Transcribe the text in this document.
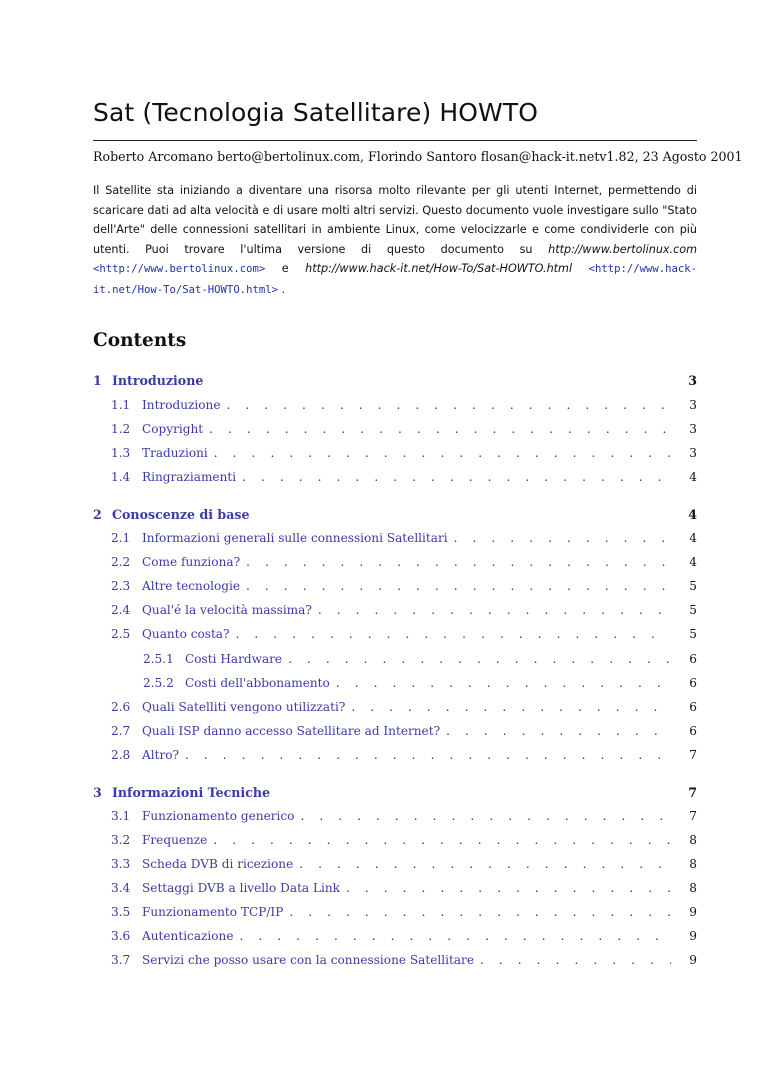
Sat (Tecnologia Satellitare) HOWTO
Roberto Arcomano berto@bertolinux.com, Florindo Santoro flosan@hack-it.net v1.82, 23 Agosto 2001
Il Satellite sta iniziando a diventare una risorsa molto rilevante per gli utenti Internet, permettendo di scaricare dati ad alta velocità e di usare molti altri servizi. Questo documento vuole investigare sullo "Stato dell'Arte" delle connessioni satellitari in ambiente Linux, come velocizzarle e come condividerle con più utenti. Puoi trovare l'ultima versione di questo documento su http://www.bertolinux.com <http://www.bertolinux.com> e http://www.hack-it.net/How-To/Sat-HOWTO.html <http://www.hack-it.net/How-To/Sat-HOWTO.html> .
Contents
1 Introduzione	3
1.1 Introduzione . . .	3
1.2 Copyright . . .	3
1.3 Traduzioni . . .	3
1.4 Ringraziamenti . . .	4
2 Conoscenze di base	4
2.1 Informazioni generali sulle connessioni Satellitari . . .	4
2.2 Come funziona? . . .	4
2.3 Altre tecnologie . . .	5
2.4 Qual'é la velocità massima? . . .	5
2.5 Quanto costa? . . .	5
2.5.1 Costi Hardware . . .	6
2.5.2 Costi dell'abbonamento . . .	6
2.6 Quali Satelliti vengono utilizzati? . . .	6
2.7 Quali ISP danno accesso Satellitare ad Internet? . . .	6
2.8 Altro? . . .	7
3 Informazioni Tecniche	7
3.1 Funzionamento generico . . .	7
3.2 Frequenze . . .	8
3.3 Scheda DVB di ricezione . . .	8
3.4 Settaggi DVB a livello Data Link . . .	8
3.5 Funzionamento TCP/IP . . .	9
3.6 Autenticazione . . .	9
3.7 Servizi che posso usare con la connessione Satellitare . . .	9
